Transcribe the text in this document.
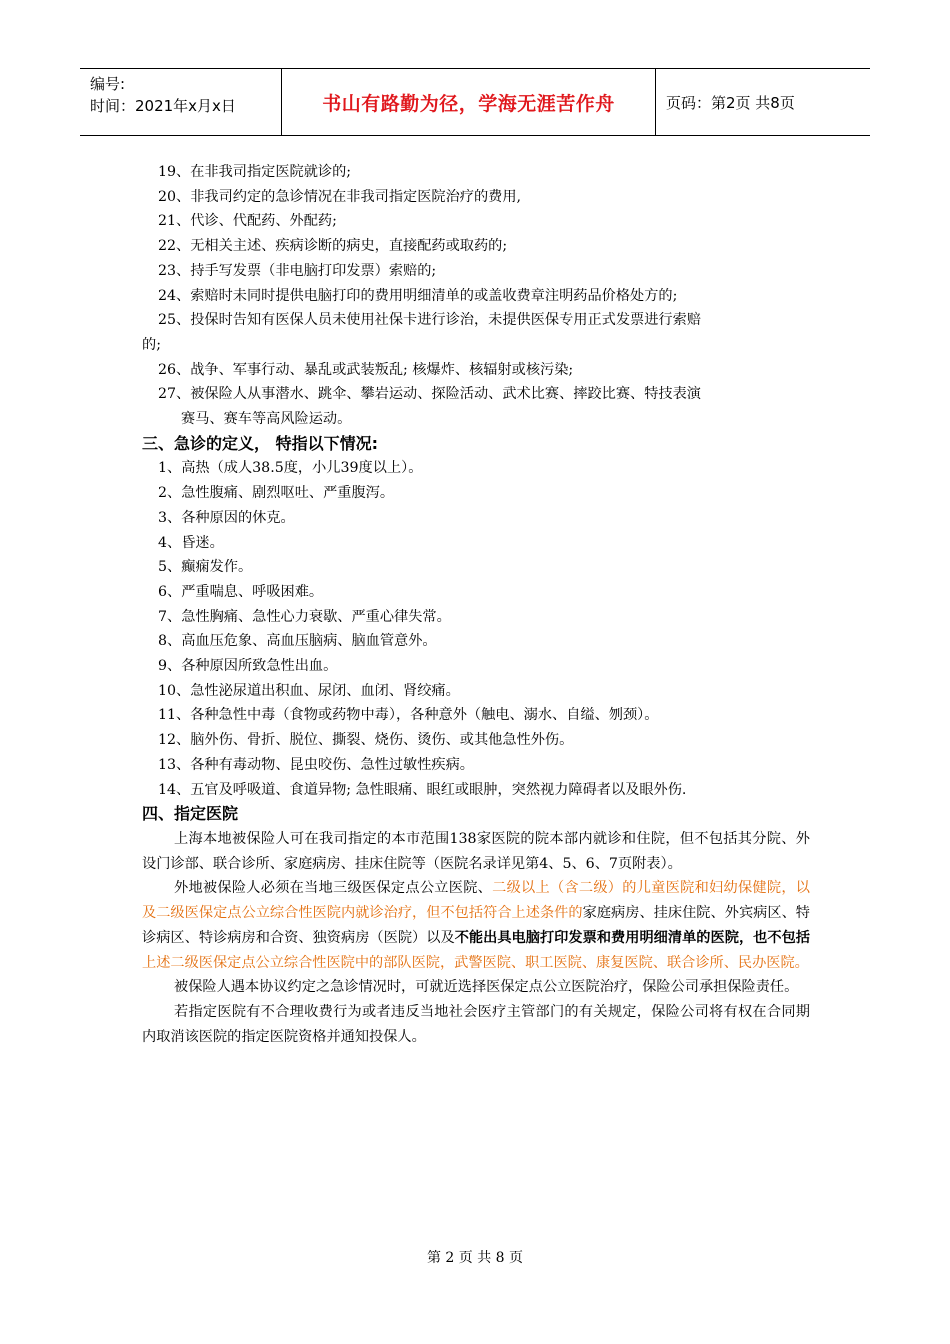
编号:
时间：2021年x月x日	书山有路勤为径，学海无涯苦作舟	页码：第2页 共8页
19、在非我司指定医院就诊的;
20、非我司约定的急诊情况在非我司指定医院治疗的费用,
21、代诊、代配药、外配药;
22、无相关主述、疾病诊断的病史，直接配药或取药的;
23、持手写发票（非电脑打印发票）索赔的;
24、索赔时未同时提供电脑打印的费用明细清单的或盖收费章注明药品价格处方的;
25、投保时告知有医保人员未使用社保卡进行诊治，未提供医保专用正式发票进行索赔
的;
26、战争、军事行动、暴乱或武装叛乱; 核爆炸、核辐射或核污染;
27、被保险人从事潜水、跳伞、攀岩运动、探险活动、武术比赛、摔跤比赛、特技表演
赛马、赛车等高风险运动。
三、急诊的定义， 特指以下情况:
1、高热（成人38.5度，小儿39度以上）。
2、急性腹痛、剧烈呕吐、严重腹泻。
3、各种原因的休克。
4、昏迷。
5、癫痫发作。
6、严重喘息、呼吸困难。
7、急性胸痛、急性心力衰歇、严重心律失常。
8、高血压危象、高血压脑病、脑血管意外。
9、各种原因所致急性出血。
10、急性泌尿道出积血、尿闭、血闭、肾绞痛。
11、各种急性中毒（食物或药物中毒），各种意外（触电、溺水、自缢、刎颈）。
12、脑外伤、骨折、脱位、撕裂、烧伤、烫伤、或其他急性外伤。
13、各种有毒动物、昆虫咬伤、急性过敏性疾病。
14、五官及呼吸道、食道异物; 急性眼痛、眼红或眼肿，突然视力障碍者以及眼外伤.
四、指定医院
上海本地被保险人可在我司指定的本市范围138家医院的院本部内就诊和住院，但不包括其分院、外设门诊部、联合诊所、家庭病房、挂床住院等（医院名录详见第4、5、6、7页附表）。
外地被保险人必须在当地三级医保定点公立医院、二级以上（含二级）的儿童医院和妇幼保健院，以及二级医保定点公立综合性医院内就诊治疗，但不包括符合上述条件的家庭病房、挂床住院、外宾病区、特诊病区、特诊病房和合资、独资病房（医院）以及不能出具电脑打印发票和费用明细清单的医院，也不包括上述二级医保定点公立综合性医院中的部队医院，武警医院、职工医院、康复医院、联合诊所、民办医院。
被保险人遇本协议约定之急诊情况时，可就近选择医保定点公立医院治疗，保险公司承担保险责任。
若指定医院有不合理收费行为或者违反当地社会医疗主管部门的有关规定，保险公司将有权在合同期内取消该医院的指定医院资格并通知投保人。
第 2 页 共 8 页
